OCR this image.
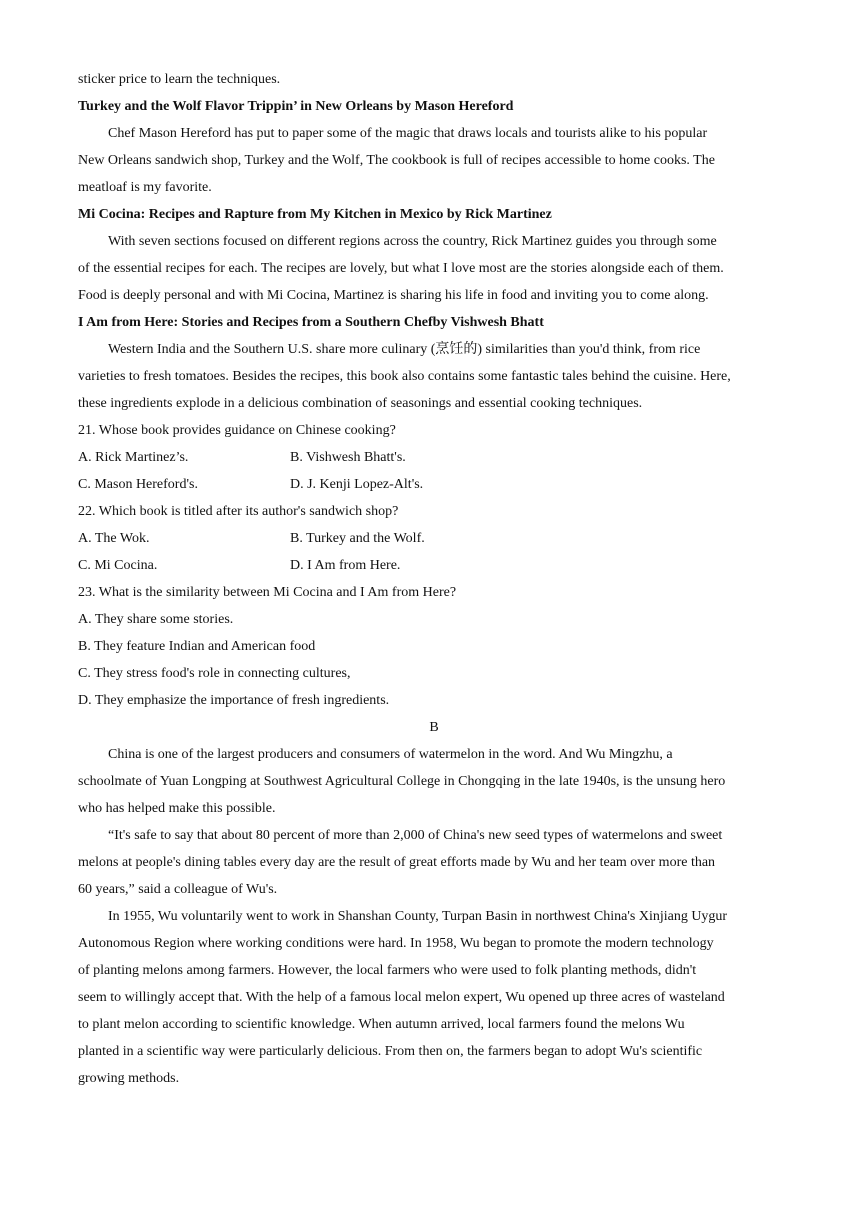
sticker price to learn the techniques.
Turkey and the Wolf Flavor Trippin’ in New Orleans by Mason Hereford
Chef Mason Hereford has put to paper some of the magic that draws locals and tourists alike to his popular
New Orleans sandwich shop, Turkey and the Wolf, The cookbook is full of recipes accessible to home cooks. The
meatloaf is my favorite.
Mi Cocina: Recipes and Rapture from My Kitchen in Mexico by Rick Martinez
With seven sections focused on different regions across the country, Rick Martinez guides you through some
of the essential recipes for each. The recipes are lovely, but what I love most are the stories alongside each of them.
Food is deeply personal and with Mi Cocina, Martinez is sharing his life in food and inviting you to come along.
I Am from Here: Stories and Recipes from a Southern Chefby Vishwesh Bhatt
Western India and the Southern U.S. share more culinary (烹饪的) similarities than you'd think, from rice
varieties to fresh tomatoes. Besides the recipes, this book also contains some fantastic tales behind the cuisine. Here,
these ingredients explode in a delicious combination of seasonings and essential cooking techniques.
21. Whose book provides guidance on Chinese cooking?
A. Rick Martinez’s.	B. Vishwesh Bhatt's.
C. Mason Hereford's.	D. J. Kenji Lopez-Alt's.
22. Which book is titled after its author's sandwich shop?
A. The Wok.	B. Turkey and the Wolf.
C. Mi Cocina.	D. I Am from Here.
23. What is the similarity between Mi Cocina and I Am from Here?
A. They share some stories.
B. They feature Indian and American food
C. They stress food's role in connecting cultures,
D. They emphasize the importance of fresh ingredients.
B
China is one of the largest producers and consumers of watermelon in the word. And Wu Mingzhu, a
schoolmate of Yuan Longping at Southwest Agricultural College in Chongqing in the late 1940s, is the unsung hero
who has helped make this possible.
“It's safe to say that about 80 percent of more than 2,000 of China's new seed types of watermelons and sweet
melons at people's dining tables every day are the result of great efforts made by Wu and her team over more than
60 years,” said a colleague of Wu's.
In 1955, Wu voluntarily went to work in Shanshan County, Turpan Basin in northwest China's Xinjiang Uygur
Autonomous Region where working conditions were hard. In 1958, Wu began to promote the modern technology
of planting melons among farmers. However, the local farmers who were used to folk planting methods, didn't
seem to willingly accept that. With the help of a famous local melon expert, Wu opened up three acres of wasteland
to plant melon according to scientific knowledge. When autumn arrived, local farmers found the melons Wu
planted in a scientific way were particularly delicious. From then on, the farmers began to adopt Wu's scientific
growing methods.
